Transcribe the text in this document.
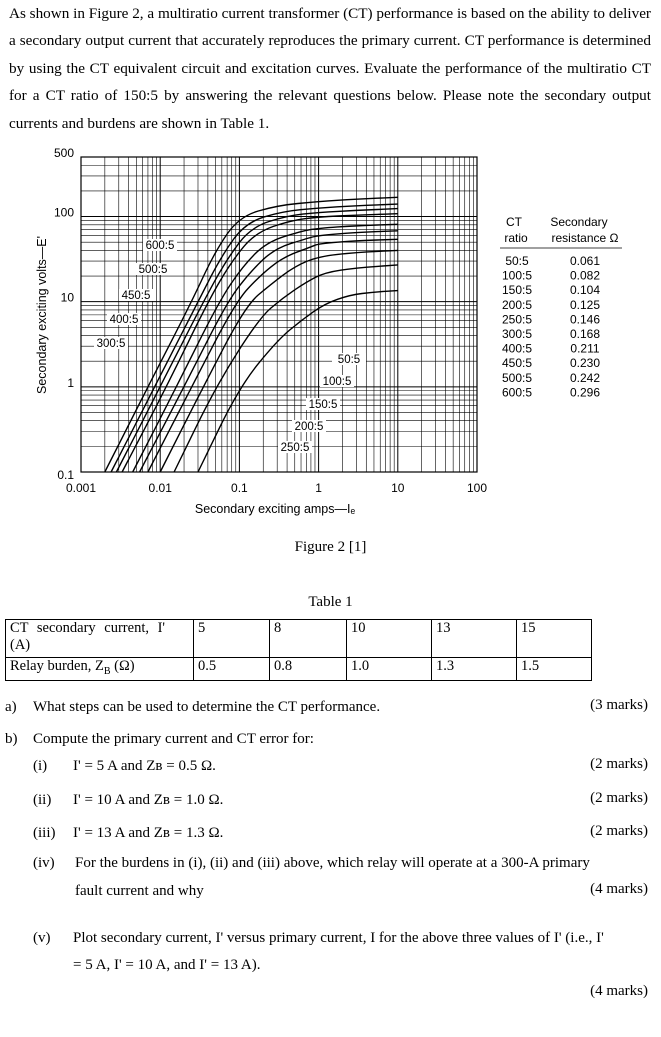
As shown in Figure 2, a multiratio current transformer (CT) performance is based on the ability to deliver a secondary output current that accurately reproduces the primary current. CT performance is determined by using the CT equivalent circuit and excitation curves. Evaluate the performance of the multiratio CT for a CT ratio of 150:5 by answering the relevant questions below. Please note the secondary output currents and burdens are shown in Table 1.

0.001	0.01	0.1	1	10	100
500
100
10
1
0.1
Secondary exciting amps—Iₑ
Secondary exciting volts—E'	600:5
500:5
450:5
400:5
300:5
50:5
100:5
150:5
200:5
250:5
CT
ratio
Secondary
resistance Ω
50:5	0.061
100:5	0.082
150:5	0.104
200:5	0.125
250:5	0.146
300:5	0.168
400:5	0.211
450:5	0.230
500:5	0.242
600:5	0.296
Figure 2 [1]
Table 1
CT secondary current, I'
(A)	5	8	10	13	15
Relay burden, $Z_B$ (Ω)	0.5	0.8	1.0	1.3	1.5
a) What steps can be used to determine the CT performance.	(3 marks)
b) Compute the primary current and CT error for:
(i) I' = 5 A and Zʙ = 0.5 Ω.	(2 marks)
(ii) I' = 10 A and Zʙ = 1.0 Ω.	(2 marks)
(iii) I' = 13 A and Zʙ = 1.3 Ω.	(2 marks)
(iv) For the burdens in (i), (ii) and (iii) above, which relay will operate at a 300-A primary
fault current and why	(4 marks)
(v) Plot secondary current, I' versus primary current, I for the above three values of I' (i.e., I'
= 5 A, I' = 10 A, and I' = 13 A).
(4 marks)
